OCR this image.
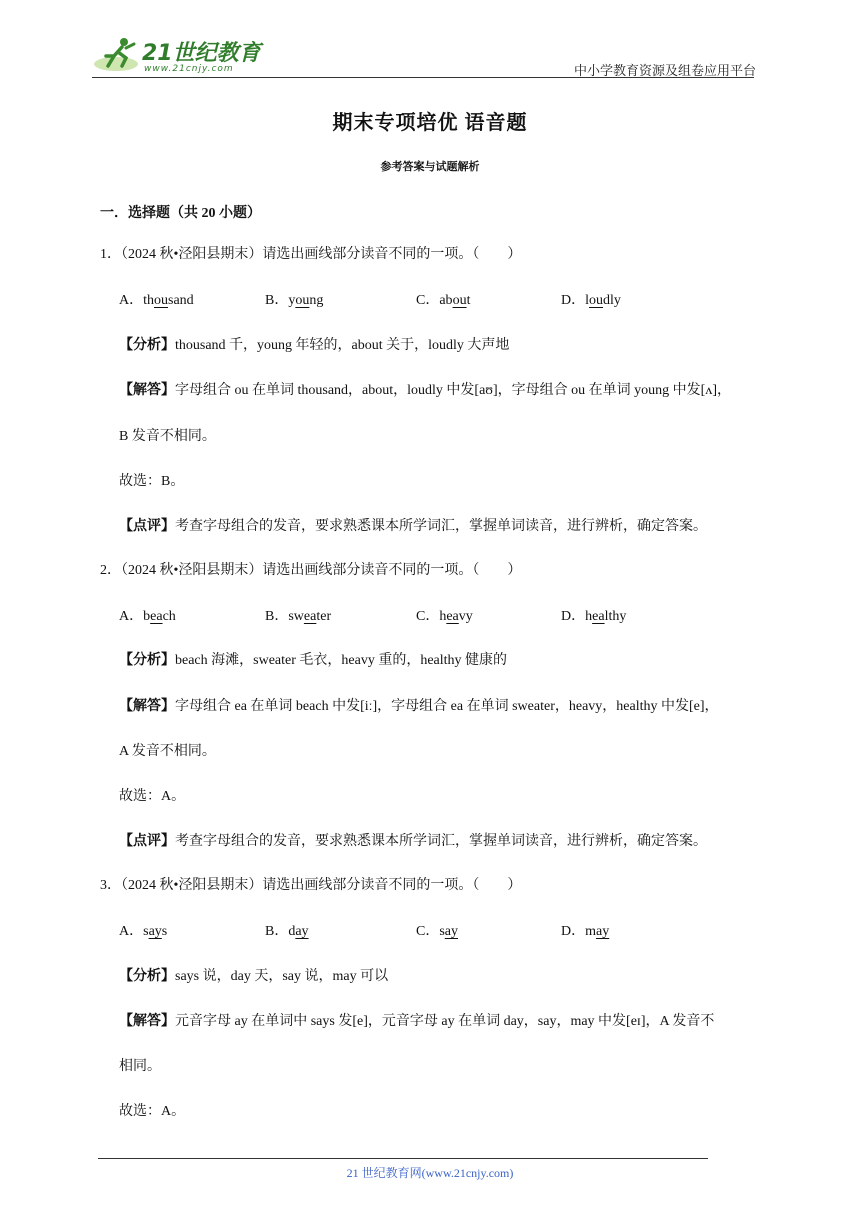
21世纪教育
www.21cnjy.com	中小学教育资源及组卷应用平台
期末专项培优 语音题
参考答案与试题解析
一．选择题（共 20 小题）
1．（2024 秋•泾阳县期末）请选出画线部分读音不同的一项。（　　）
A．thousand	B．young	C．about	D．loudly
【分析】thousand 千，young 年轻的，about 关于，loudly 大声地
【解答】字母组合 ou 在单词 thousand，about，loudly 中发[aʊ]，字母组合 ou 在单词 young 中发[ʌ]，
B 发音不相同。
故选：B。
【点评】考查字母组合的发音，要求熟悉课本所学词汇，掌握单词读音，进行辨析，确定答案。
2．（2024 秋•泾阳县期末）请选出画线部分读音不同的一项。（　　）
A．beach	B．sweater	C．heavy	D．healthy
【分析】beach 海滩，sweater 毛衣，heavy 重的，healthy 健康的
【解答】字母组合 ea 在单词 beach 中发[iː]，字母组合 ea 在单词 sweater，heavy，healthy 中发[e]，
A 发音不相同。
故选：A。
【点评】考查字母组合的发音，要求熟悉课本所学词汇，掌握单词读音，进行辨析，确定答案。
3．（2024 秋•泾阳县期末）请选出画线部分读音不同的一项。（　　）
A．says	B．day	C．say	D．may
【分析】says 说，day 天，say 说，may 可以
【解答】元音字母 ay 在单词中 says 发[e]，元音字母 ay 在单词 day，say，may 中发[eɪ]，A 发音不
相同。
故选：A。
21 世纪教育网(www.21cnjy.com)
